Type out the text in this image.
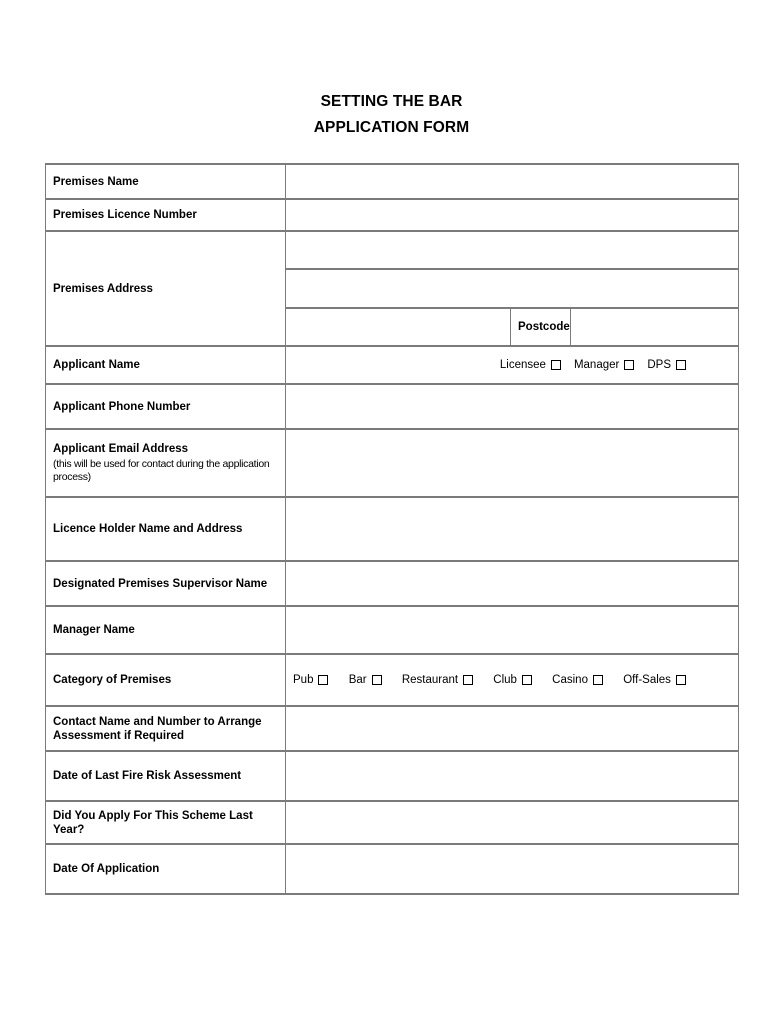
SETTING THE BAR
APPLICATION FORM
Premises Name			
Premises Licence Number			
Premises Address			

		Postcode	
Applicant Name	Licensee Manager DPS		

Applicant Phone Number			

Applicant Email Address
(this will be used for contact during the application process)			

Licence Holder Name and Address			
Designated Premises Supervisor Name			
Manager Name			
Category of Premises	Pub	Bar	Restaurant	Club	Casino	Off-Sales

Contact Name and Number to Arrange Assessment if Required			
Date of Last Fire Risk Assessment			
Did You Apply For This Scheme Last Year?			
Date Of Application			
